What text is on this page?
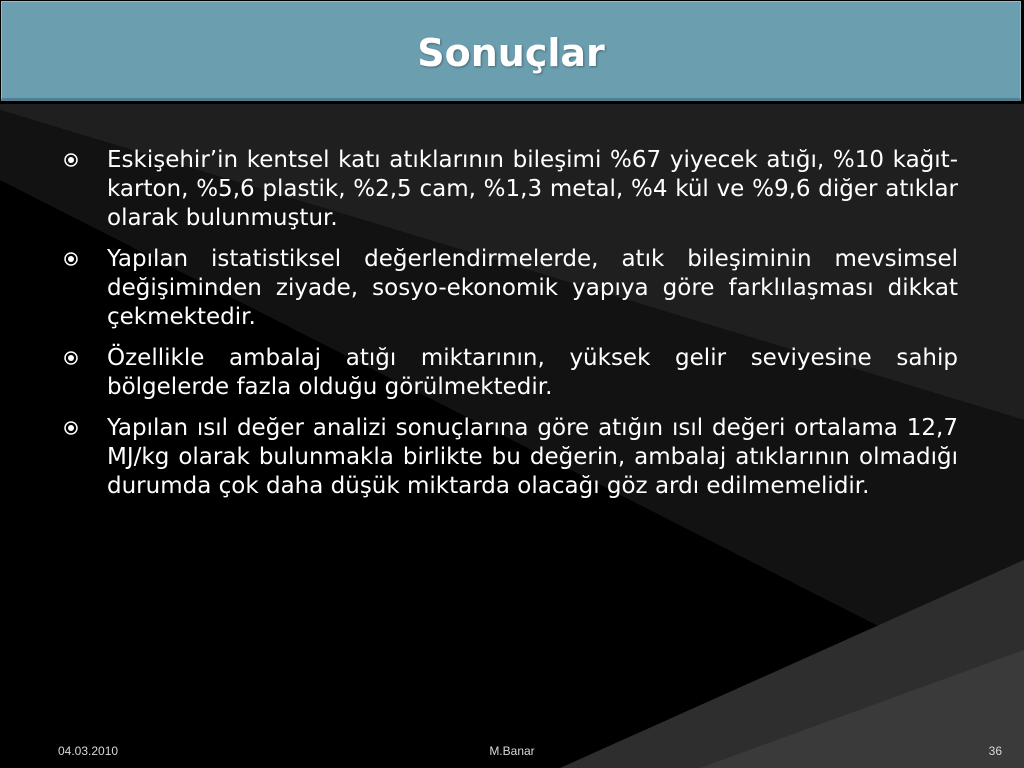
Sonuçlar
Eskişehir’in kentsel katı atıklarının bileşimi %67 yiyecek atığı, %10 kağıt-karton, %5,6 plastik, %2,5 cam, %1,3 metal, %4 kül ve %9,6 diğer atıklar olarak bulunmuştur.
Yapılan istatistiksel değerlendirmelerde, atık bileşiminin mevsimsel değişiminden ziyade, sosyo-ekonomik yapıya göre farklılaşması dikkat çekmektedir.
Özellikle ambalaj atığı miktarının, yüksek gelir seviyesine sahip bölgelerde fazla olduğu görülmektedir.
Yapılan ısıl değer analizi sonuçlarına göre atığın ısıl değeri ortalama 12,7 MJ/kg olarak bulunmakla birlikte bu değerin, ambalaj atıklarının olmadığı durumda çok daha düşük miktarda olacağı göz ardı edilmemelidir.
04.03.2010	M.Banar	36
